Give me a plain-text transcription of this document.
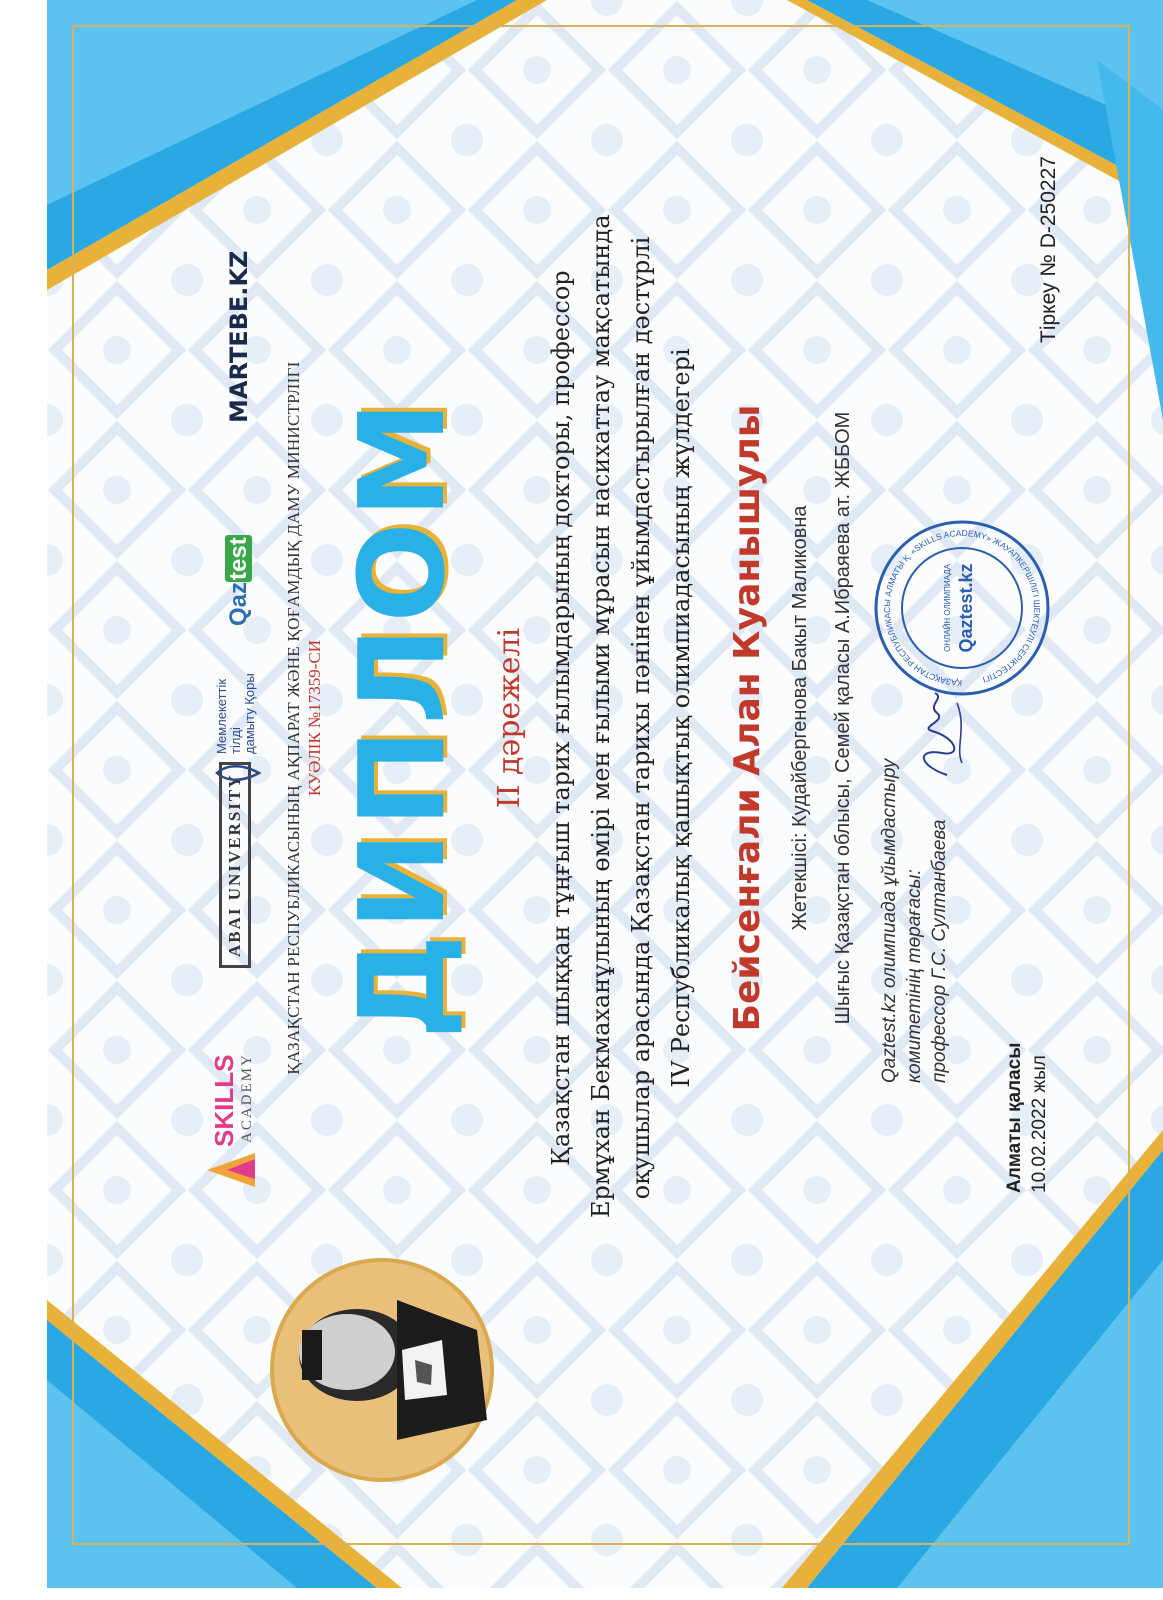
SKILLS ACADEMY
ABAI UNIVERSITY
Мемлекеттік тілді дамыту Қоры
Qaztest
MARTEBE.KZ
ҚАЗАҚСТАН РЕСПУБЛИКАСЫНЫҢ АҚПАРАТ ЖӘНЕ ҚОҒАМДЫҚ ДАМУ МИНИСТРЛІГІ КУӘЛІК №17359-СИ ДИПЛОМ II дәрежелі Қазақстан шыққан тұңғыш тарих ғылымдарының докторы, профессор Ермұхан Бекмаханұлының өмірі мен ғылыми мұрасын насихаттау мақсатында оқушылар арасында Қазақстан тарихы пәнінен ұйымдастырылған дәстүрлі IV Республикалық қашықтық олимпиадасының жүлдегері Бейсенғали Алан Куанышулы Жетекшісі: Кудайбергенова Бакыт Маликовна Шығыс Қазақстан облысы, Семей қаласы А.Ибраяева ат. ЖББОМ Qaztest.kz олимпиада ұйымдастыру комитетінің төрағасы: профессор Г.С. Султанбаева
ҚАЗАҚСТАН РЕСПУБЛИКАСЫ АЛМАТЫ Қ. «SKILLS ACADEMY» ЖАУАПКЕРШІЛІГІ ШЕКТЕУЛІ СЕРІКТЕСТІГІ
ОНЛАЙН ОЛИМПИАДА Qaztest.kz
Алматы қаласы 10.02.2022 жыл
Тіркеу № D-250227
